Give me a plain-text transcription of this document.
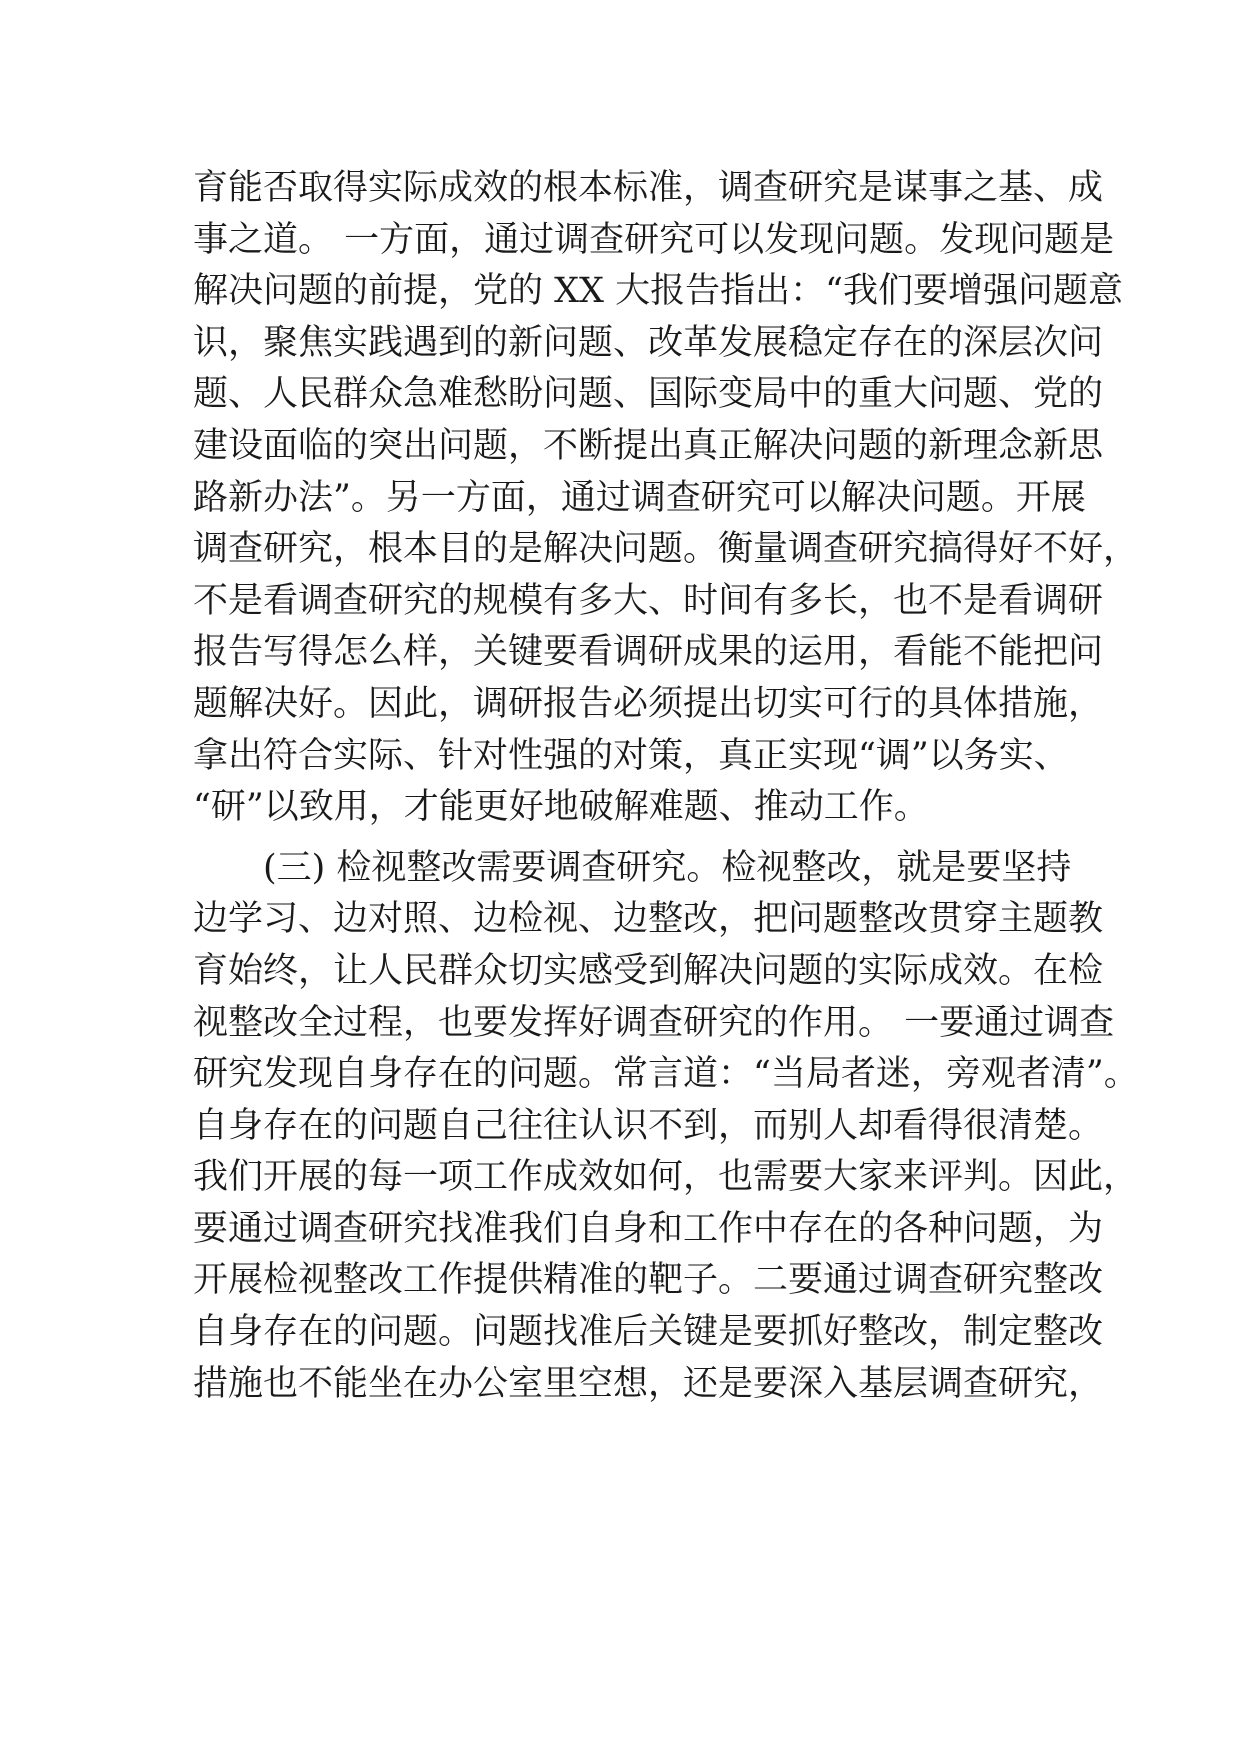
育能否取得实际成效的根本标准，调查研究是谋事之基、成
事之道。 一方面，通过调查研究可以发现问题。发现问题是
解决问题的前提，党的 XX 大报告指出：“我们要增强问题意
识，聚焦实践遇到的新问题、改革发展稳定存在的深层次问
题、人民群众急难愁盼问题、国际变局中的重大问题、党的
建设面临的突出问题，不断提出真正解决问题的新理念新思
路新办法”。另一方面，通过调查研究可以解决问题。开展
调查研究，根本目的是解决问题。衡量调查研究搞得好不好，
不是看调查研究的规模有多大、时间有多长，也不是看调研
报告写得怎么样，关键要看调研成果的运用，看能不能把问
题解决好。因此，调研报告必须提出切实可行的具体措施，
拿出符合实际、针对性强的对策，真正实现“调”以务实、
“研”以致用，才能更好地破解难题、推动工作。
(三) 检视整改需要调查研究。检视整改，就是要坚持
边学习、边对照、边检视、边整改，把问题整改贯穿主题教
育始终，让人民群众切实感受到解决问题的实际成效。在检
视整改全过程，也要发挥好调查研究的作用。 一要通过调查
研究发现自身存在的问题。常言道：“当局者迷，旁观者清”。
自身存在的问题自己往往认识不到，而别人却看得很清楚。
我们开展的每一项工作成效如何，也需要大家来评判。因此，
要通过调查研究找准我们自身和工作中存在的各种问题，为
开展检视整改工作提供精准的靶子。二要通过调查研究整改
自身存在的问题。问题找准后关键是要抓好整改，制定整改
措施也不能坐在办公室里空想，还是要深入基层调查研究，
